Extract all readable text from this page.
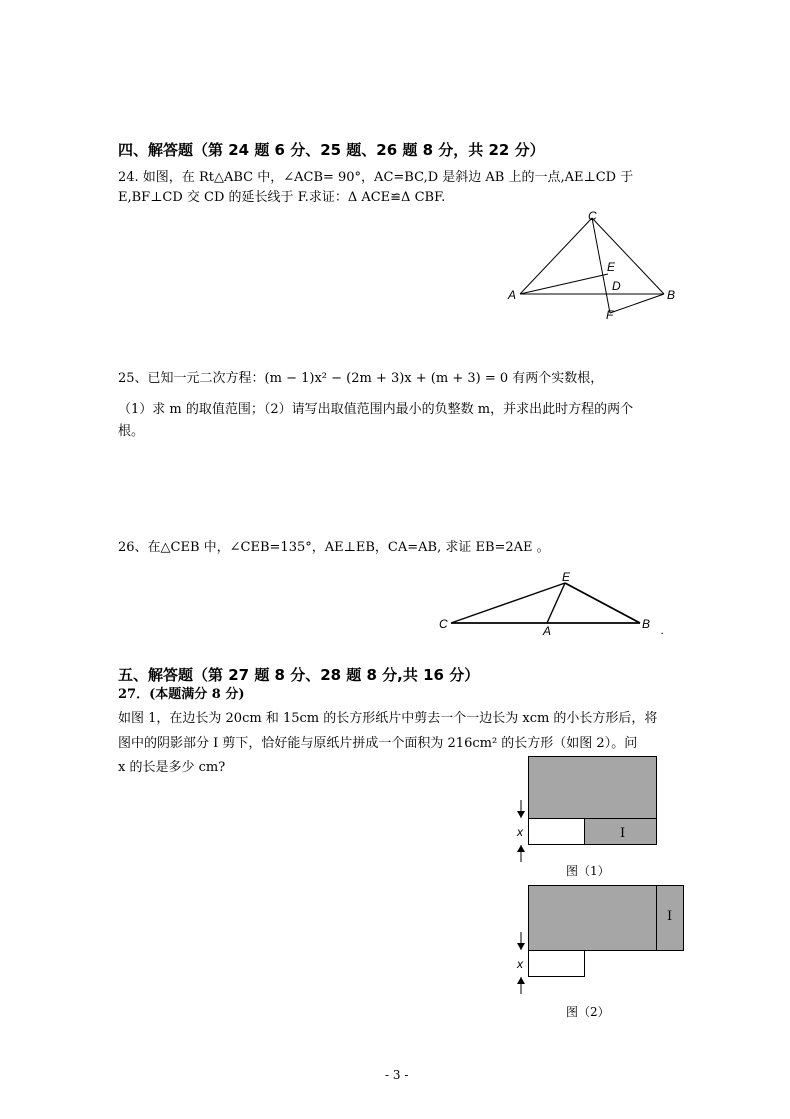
四、解答题（第 24 题 6 分、25 题、26 题 8 分，共 22 分）
24. 如图，在 Rt△ABC 中，∠ACB= 90°，AC=BC,D 是斜边 AB 上的一点,AE⊥CD 于
E,BF⊥CD 交 CD 的延长线于 F.求证：Δ ACE≌Δ CBF.
C
E
D
A	B
F
25、已知一元二次方程：(m − 1)x² − (2m + 3)x + (m + 3) = 0 有两个实数根，
（1）求 m 的取值范围；（2）请写出取值范围内最小的负整数 m，并求出此时方程的两个
根。
26、在△CEB 中，∠CEB=135°，AE⊥EB，CA=AB, 求证 EB=2AE 。
E
C	A	B .
五、解答题（第 27 题 8 分、28 题 8 分,共 16 分）
27．(本题满分 8 分)
如图 1，在边长为 20cm 和 15cm 的长方形纸片中剪去一个一边长为 xcm 的小长方形后，将
图中的阴影部分 I 剪下，恰好能与原纸片拼成一个面积为 216cm² 的长方形（如图 2）。问
x 的长是多少 cm?
I
x
图（1）
I
x
图（2）
- 3 -
